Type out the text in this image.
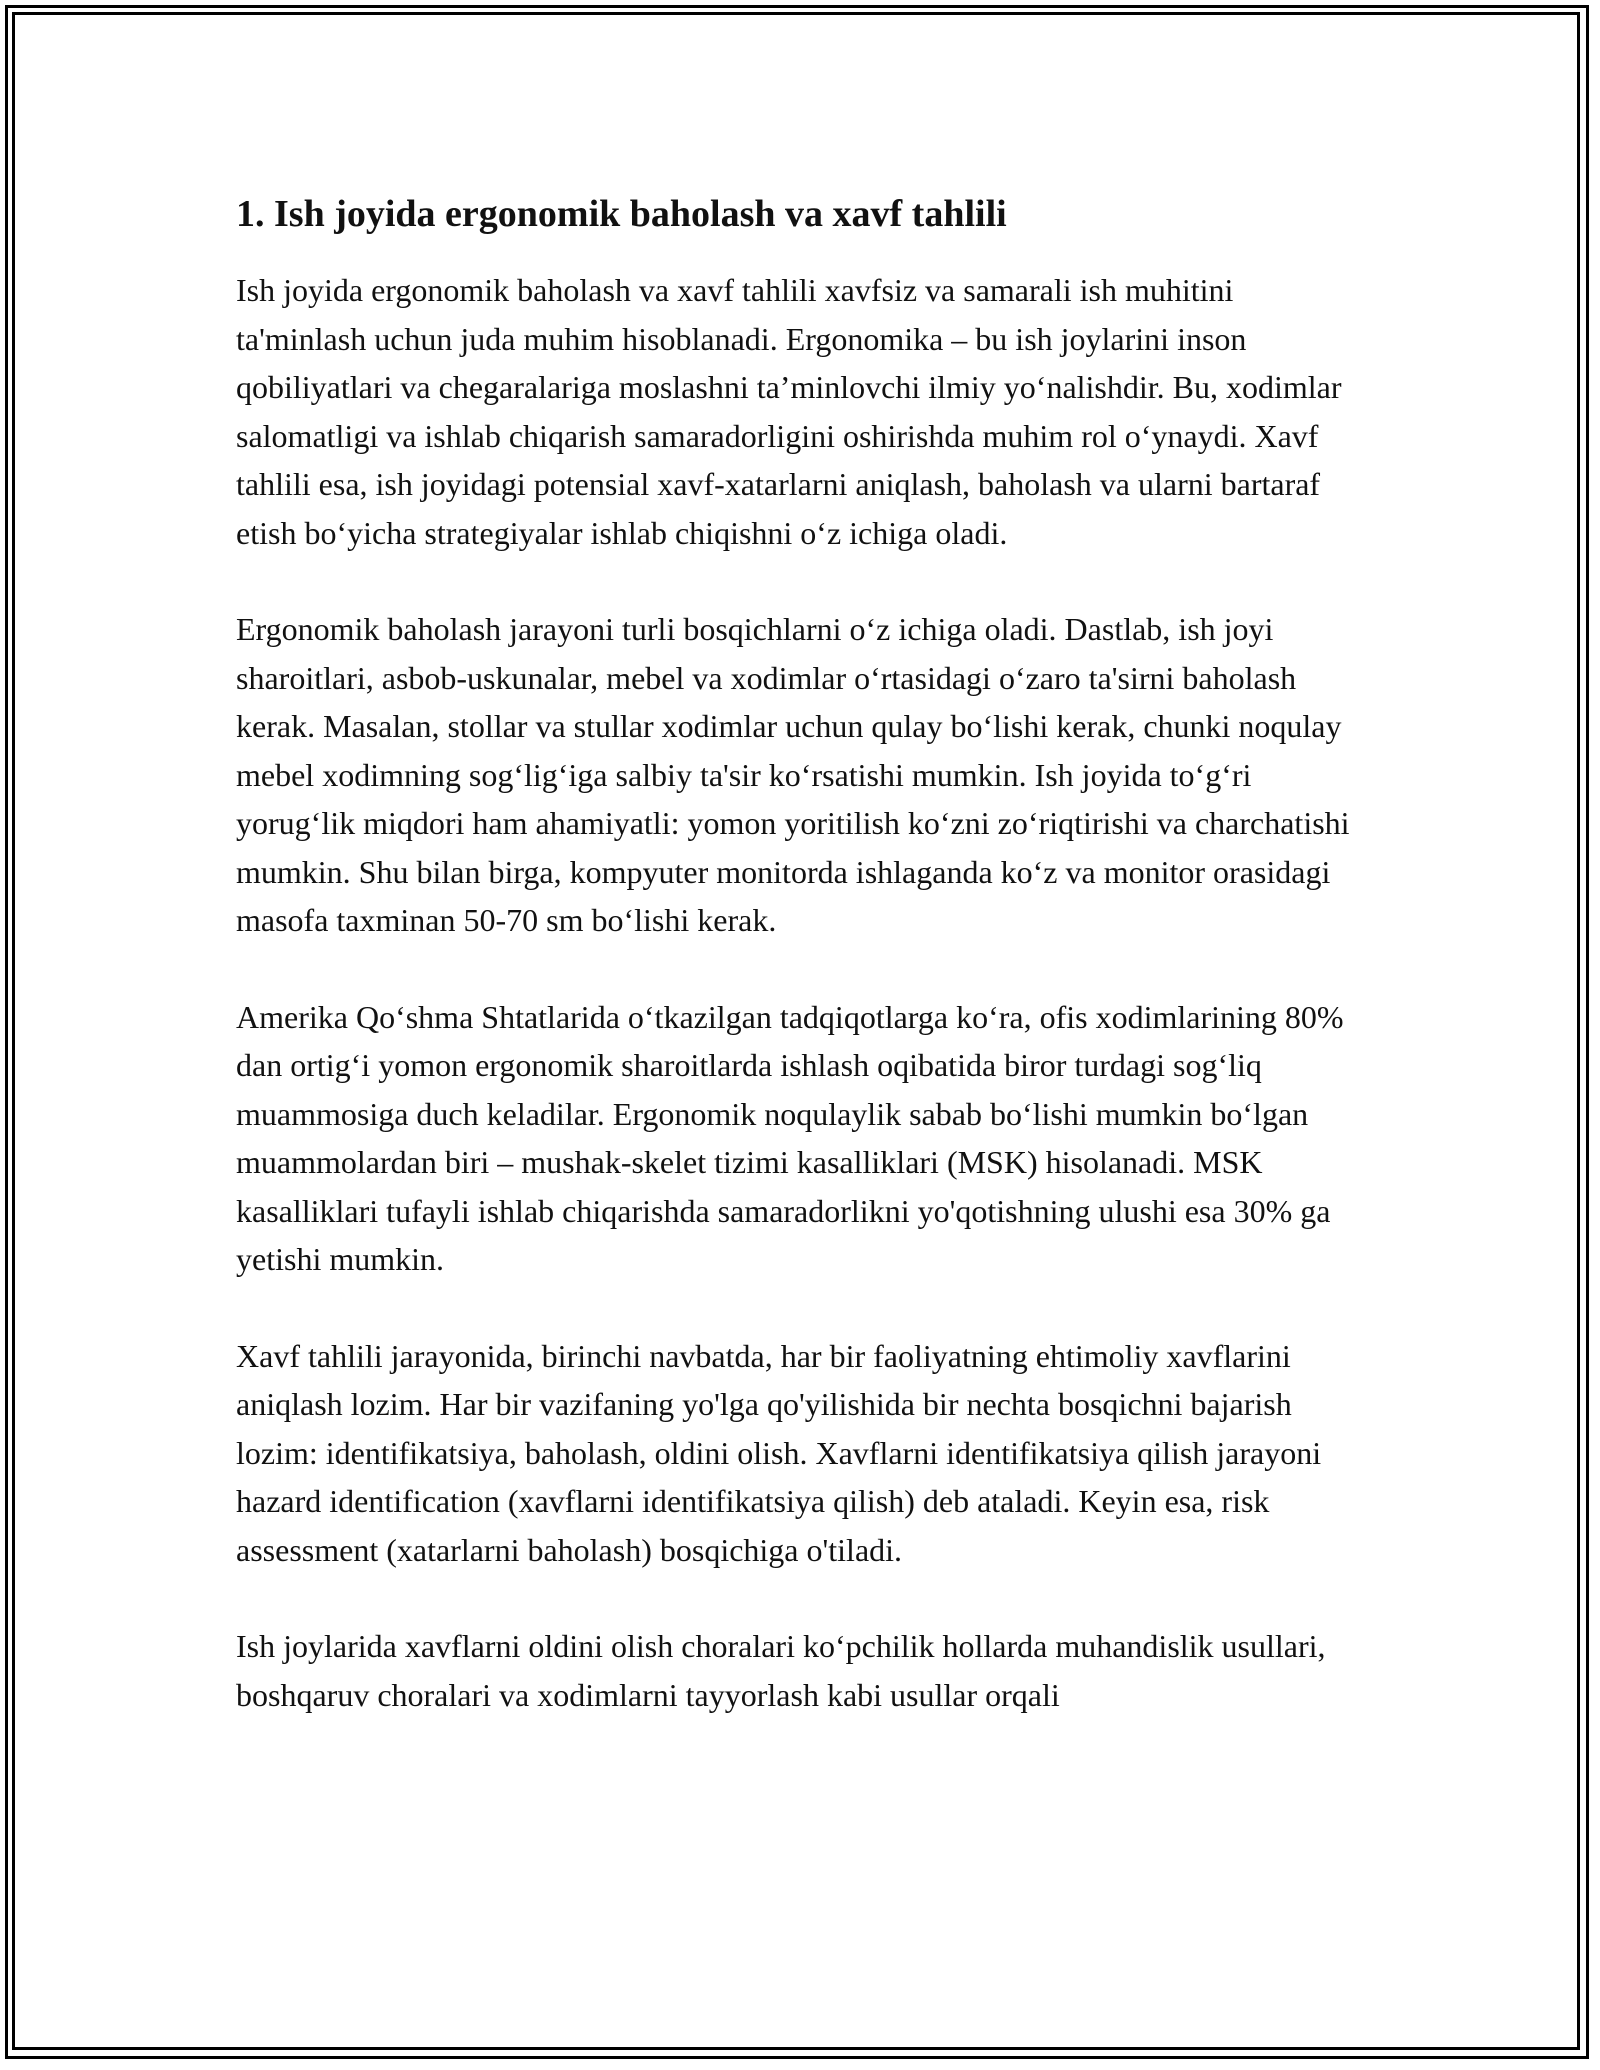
1. Ish joyida ergonomik baholash va xavf tahlili

Ish joyida ergonomik baholash va xavf tahlili xavfsiz va samarali ish muhitini ta'minlash uchun juda muhim hisoblanadi. Ergonomika – bu ish joylarini inson qobiliyatlari va chegaralariga moslashni ta’minlovchi ilmiy yo‘nalishdir. Bu, xodimlar salomatligi va ishlab chiqarish samaradorligini oshirishda muhim rol o‘ynaydi. Xavf tahlili esa, ish joyidagi potensial xavf-xatarlarni aniqlash, baholash va ularni bartaraf etish bo‘yicha strategiyalar ishlab chiqishni o‘z ichiga oladi.

Ergonomik baholash jarayoni turli bosqichlarni o‘z ichiga oladi. Dastlab, ish joyi sharoitlari, asbob-uskunalar, mebel va xodimlar o‘rtasidagi o‘zaro ta'sirni baholash kerak. Masalan, stollar va stullar xodimlar uchun qulay bo‘lishi kerak, chunki noqulay mebel xodimning sog‘lig‘iga salbiy ta'sir ko‘rsatishi mumkin. Ish joyida to‘g‘ri yorug‘lik miqdori ham ahamiyatli: yomon yoritilish ko‘zni zo‘riqtirishi va charchatishi mumkin. Shu bilan birga, kompyuter monitorda ishlaganda ko‘z va monitor orasidagi masofa taxminan 50-70 sm bo‘lishi kerak.

Amerika Qo‘shma Shtatlarida o‘tkazilgan tadqiqotlarga ko‘ra, ofis xodimlarining 80% dan ortig‘i yomon ergonomik sharoitlarda ishlash oqibatida biror turdagi sog‘liq muammosiga duch keladilar. Ergonomik noqulaylik sabab bo‘lishi mumkin bo‘lgan muammolardan biri – mushak-skelet tizimi kasalliklari (MSK) hisolanadi. MSK kasalliklari tufayli ishlab chiqarishda samaradorlikni yo'qotishning ulushi esa 30% ga yetishi mumkin.

Xavf tahlili jarayonida, birinchi navbatda, har bir faoliyatning ehtimoliy xavflarini aniqlash lozim. Har bir vazifaning yo'lga qo'yilishida bir nechta bosqichni bajarish lozim: identifikatsiya, baholash, oldini olish. Xavflarni identifikatsiya qilish jarayoni hazard identification (xavflarni identifikatsiya qilish) deb ataladi. Keyin esa, risk assessment (xatarlarni baholash) bosqichiga o'tiladi.

Ish joylarida xavflarni oldini olish choralari ko‘pchilik hollarda muhandislik usullari, boshqaruv choralari va xodimlarni tayyorlash kabi usullar orqali
